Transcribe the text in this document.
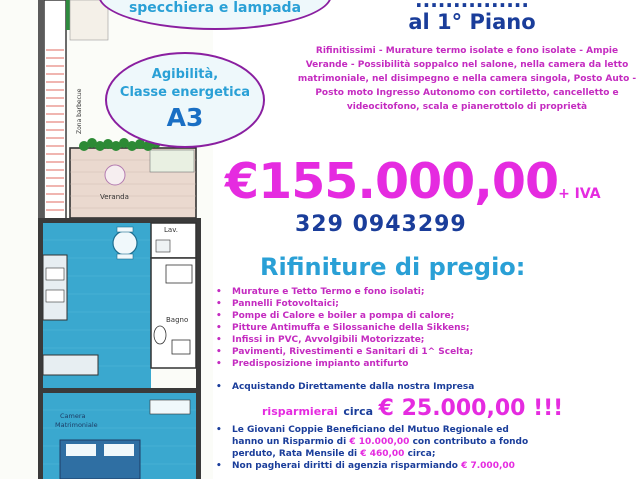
Zona barbecue
Veranda
Lav.
Bagno
Camera
Matrimoniale
specchiera e lampada
Agibilità,
Classe energetica
A3
...............
al 1° Piano
Rifinitissimi - Murature termo isolate e fono isolate - Ampie Verande - Possibilità soppalco nel salone, nella camera da letto matrimoniale, nel disimpegno e nella camera singola, Posto Auto - Posto moto Ingresso Autonomo con cortiletto, cancelletto e videocitofono, scala e pianerottolo di proprietà
€155.000,00+ IVA
329 0943299
Rifiniture di pregio:
• Murature e Tetto Termo e fono isolati;
• Pannelli Fotovoltaici;
• Pompe di Calore e boiler a pompa di calore;
• Pitture Antimuffa e Silossaniche della Sikkens;
• Infissi in PVC, Avvolgibili Motorizzate;
• Pavimenti, Rivestimenti e Sanitari di 1^ Scelta;
• Predisposizione impianto antifurto
• Acquistando Direttamente dalla nostra Impresa
risparmierai circa € 25.000,00 !!!
• Le Giovani Coppie Beneficiano del Mutuo Regionale ed
hanno un Risparmio di € 10.000,00 con contributo a fondo
perduto, Rata Mensile di € 460,00 circa;
• Non pagherai diritti di agenzia risparmiando € 7.000,00
